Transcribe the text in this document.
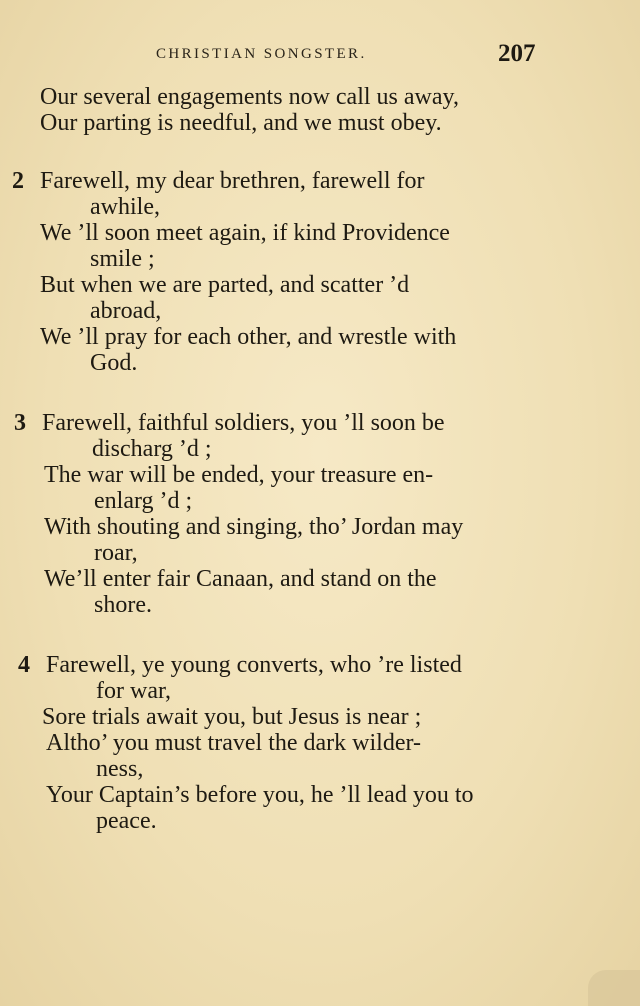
CHRISTIAN SONGSTER.	207
Our several engagements now call us away,
Our parting is needful, and we must obey.
2 Farewell, my dear brethren, farewell for
awhile,
We ’ll soon meet again, if kind Providence
smile ;
But when we are parted, and scatter ’d
abroad,
We ’ll pray for each other, and wrestle with
God.
3 Farewell, faithful soldiers, you ’ll soon be
discharg ’d ;
The war will be ended, your treasure en-
enlarg ’d ;
With shouting and singing, tho’ Jordan may
roar,
We’ll enter fair Canaan, and stand on the
shore.
4 Farewell, ye young converts, who ’re listed
for war,
Sore trials await you, but Jesus is near ;
Altho’ you must travel the dark wilder-
ness,
Your Captain’s before you, he ’ll lead you to
peace.
